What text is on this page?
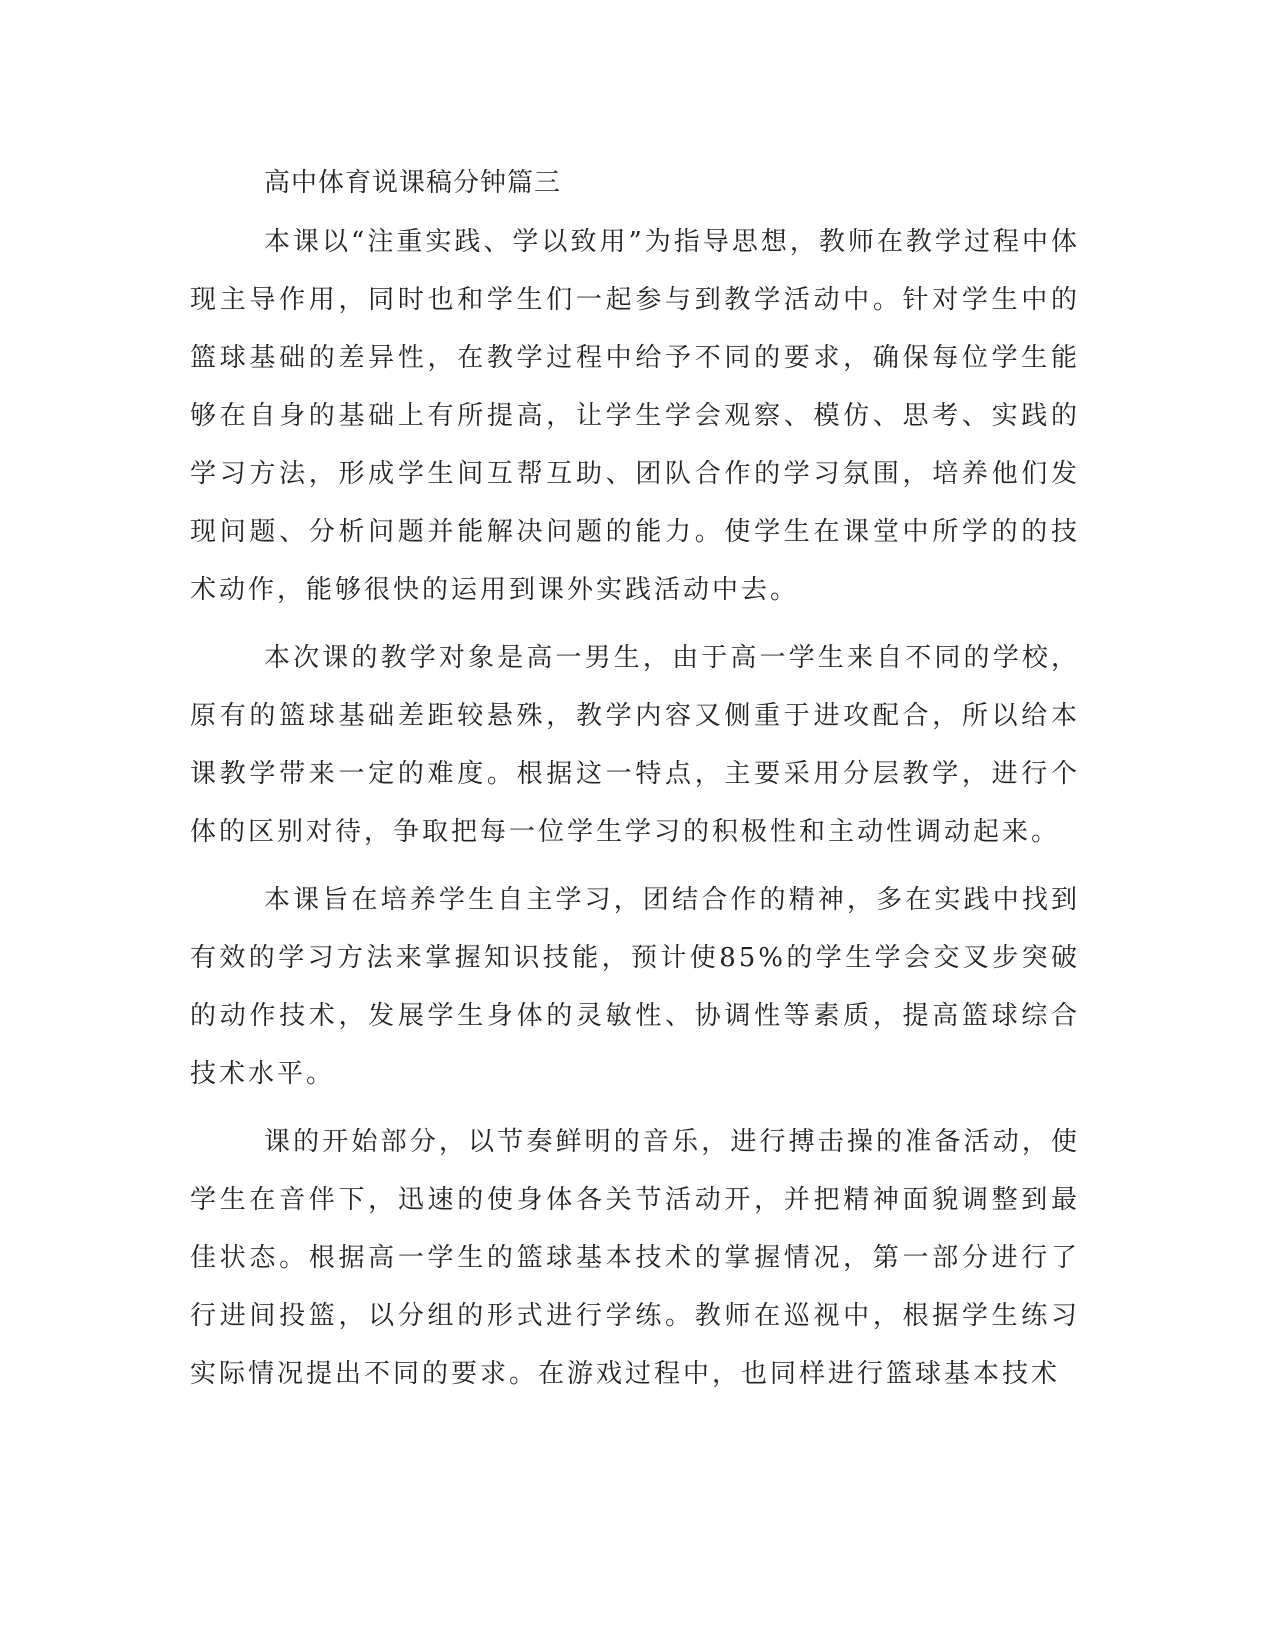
高中体育说课稿分钟篇三

本课以“注重实践、学以致用”为指导思想，教师在教学过程中体现主导作用，同时也和学生们一起参与到教学活动中。针对学生中的篮球基础的差异性，在教学过程中给予不同的要求，确保每位学生能够在自身的基础上有所提高，让学生学会观察、模仿、思考、实践的学习方法，形成学生间互帮互助、团队合作的学习氛围，培养他们发现问题、分析问题并能解决问题的能力。使学生在课堂中所学的的技术动作，能够很快的运用到课外实践活动中去。

本次课的教学对象是高一男生，由于高一学生来自不同的学校，原有的篮球基础差距较悬殊，教学内容又侧重于进攻配合，所以给本课教学带来一定的难度。根据这一特点，主要采用分层教学，进行个体的区别对待，争取把每一位学生学习的积极性和主动性调动起来。

本课旨在培养学生自主学习，团结合作的精神，多在实践中找到有效的学习方法来掌握知识技能，预计使85%的学生学会交叉步突破的动作技术，发展学生身体的灵敏性、协调性等素质，提高篮球综合技术水平。

课的开始部分，以节奏鲜明的音乐，进行搏击操的准备活动，使学生在音伴下，迅速的使身体各关节活动开，并把精神面貌调整到最佳状态。根据高一学生的篮球基本技术的掌握情况，第一部分进行了行进间投篮，以分组的形式进行学练。教师在巡视中，根据学生练习实际情况提出不同的要求。在游戏过程中，也同样进行篮球基本技术
